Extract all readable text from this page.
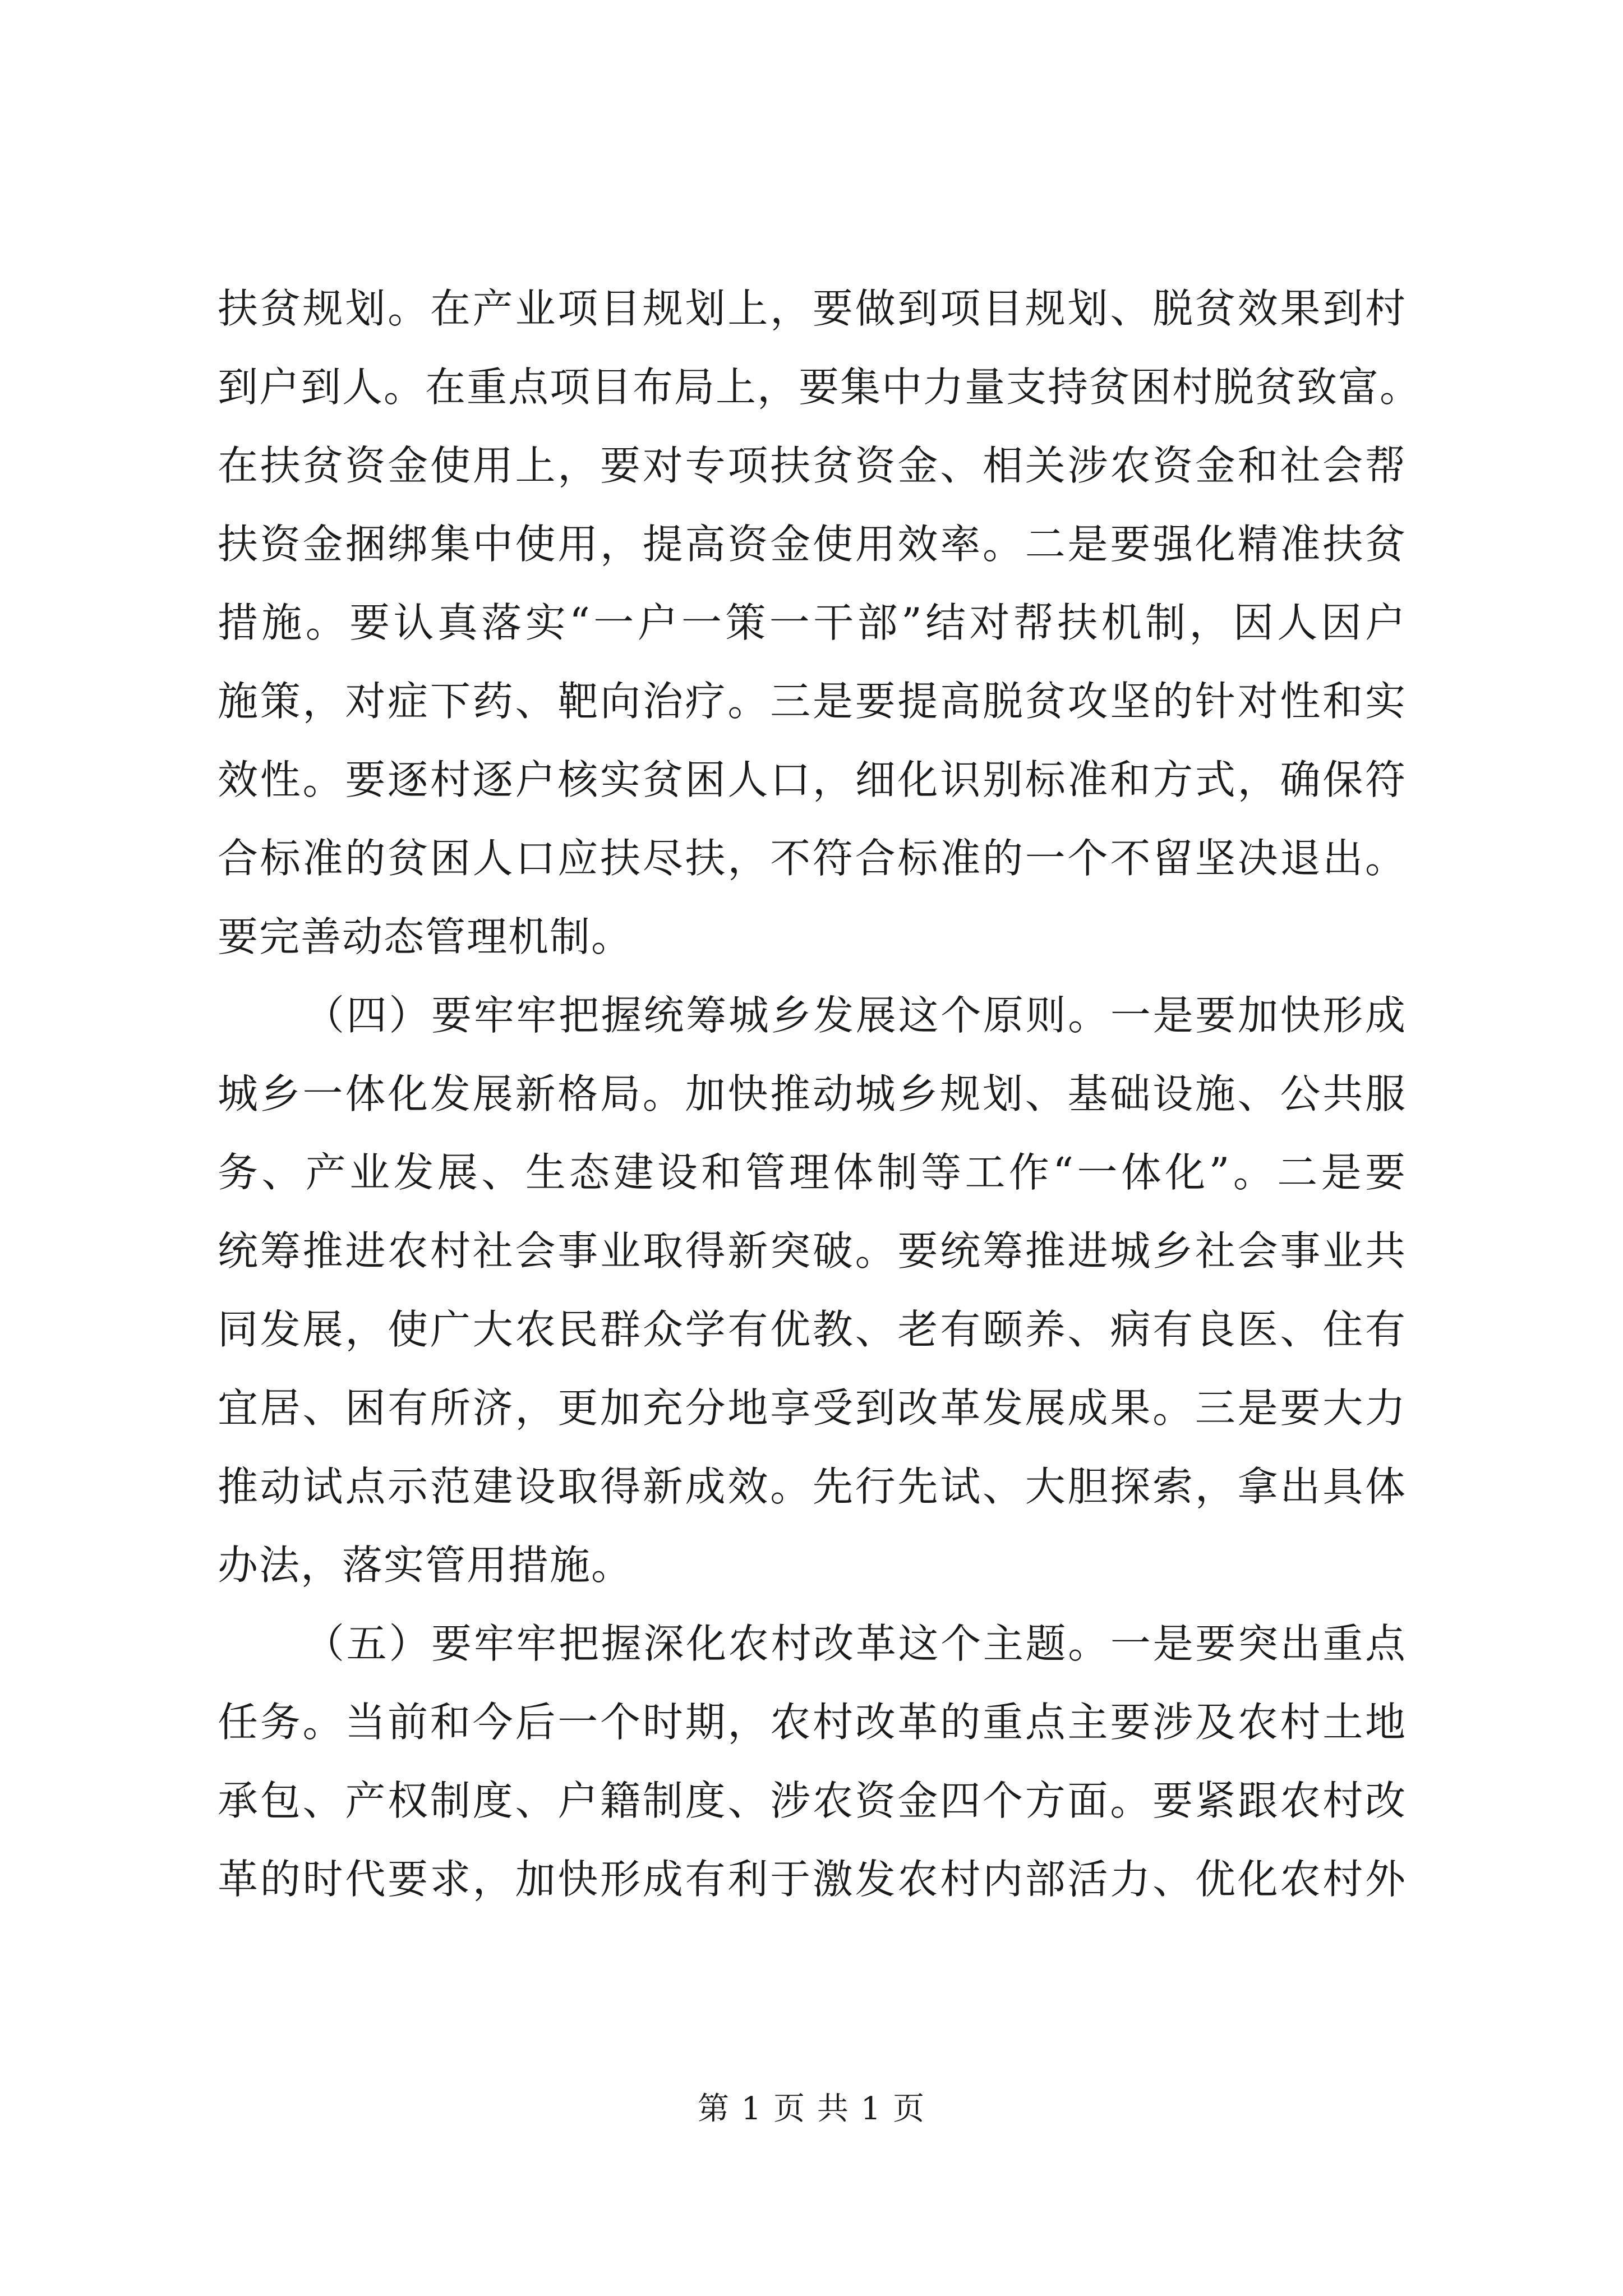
扶贫规划。在产业项目规划上，要做到项目规划、脱贫效果到村
到户到人。在重点项目布局上，要集中力量支持贫困村脱贫致富。
在扶贫资金使用上，要对专项扶贫资金、相关涉农资金和社会帮
扶资金捆绑集中使用，提高资金使用效率。二是要强化精准扶贫
措施。要认真落实“一户一策一干部”结对帮扶机制，因人因户
施策，对症下药、靶向治疗。三是要提高脱贫攻坚的针对性和实
效性。要逐村逐户核实贫困人口，细化识别标准和方式，确保符
合标准的贫困人口应扶尽扶，不符合标准的一个不留坚决退出。
要完善动态管理机制。
（四）要牢牢把握统筹城乡发展这个原则。一是要加快形成
城乡一体化发展新格局。加快推动城乡规划、基础设施、公共服
务、产业发展、生态建设和管理体制等工作“一体化”。二是要
统筹推进农村社会事业取得新突破。要统筹推进城乡社会事业共
同发展，使广大农民群众学有优教、老有颐养、病有良医、住有
宜居、困有所济，更加充分地享受到改革发展成果。三是要大力
推动试点示范建设取得新成效。先行先试、大胆探索，拿出具体
办法，落实管用措施。
（五）要牢牢把握深化农村改革这个主题。一是要突出重点
任务。当前和今后一个时期，农村改革的重点主要涉及农村土地
承包、产权制度、户籍制度、涉农资金四个方面。要紧跟农村改
革的时代要求，加快形成有利于激发农村内部活力、优化农村外
第 1 页 共 1 页
